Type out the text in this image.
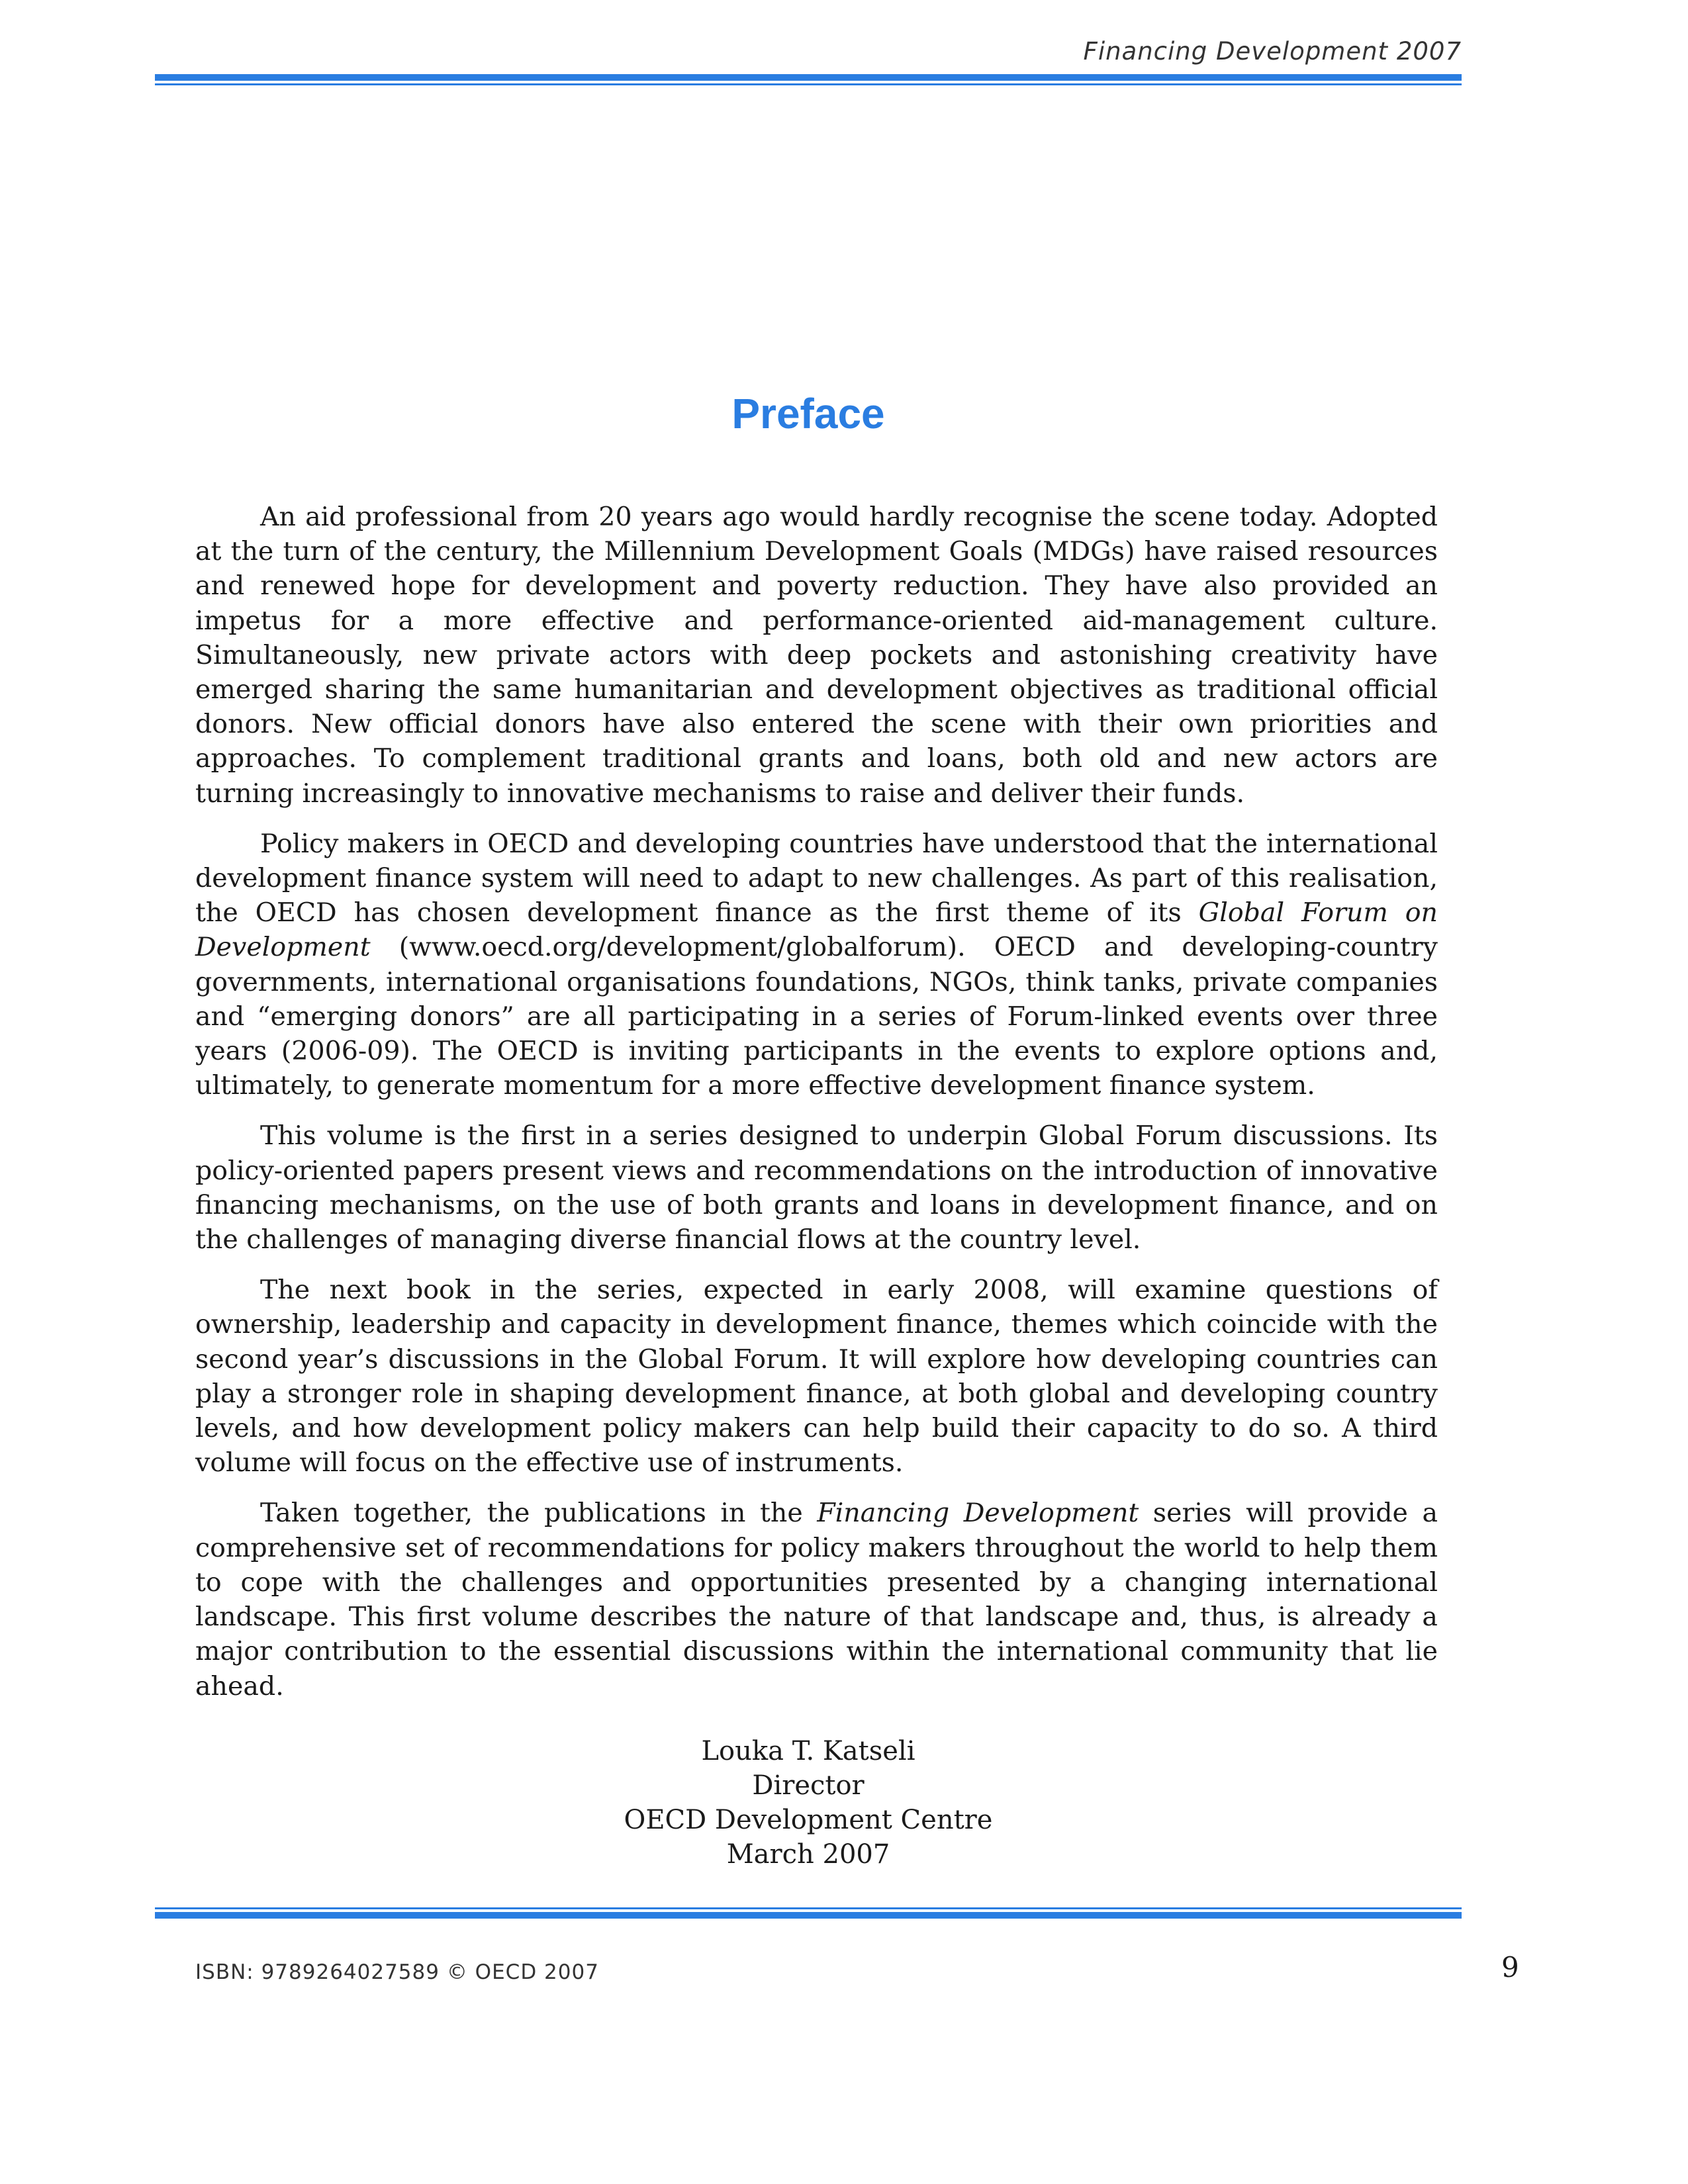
Financing Development 2007
Preface

An aid professional from 20 years ago would hardly recognise the scene today. Adopted at the turn of the century, the Millennium Development Goals (MDGs) have raised resources and renewed hope for development and poverty reduction. They have also provided an impetus for a more effective and performance-oriented aid-management culture. Simultaneously, new private actors with deep pockets and astonishing creativity have emerged sharing the same humanitarian and development objectives as traditional official donors. New official donors have also entered the scene with their own priorities and approaches. To complement traditional grants and loans, both old and new actors are turning increasingly to innovative mechanisms to raise and deliver their funds.

Policy makers in OECD and developing countries have understood that the international development finance system will need to adapt to new challenges. As part of this realisation, the OECD has chosen development finance as the first theme of its Global Forum on Development (www.oecd.org/development/globalforum). OECD and developing-country governments, international organisations foundations, NGOs, think tanks, private companies and “emerging donors” are all participating in a series of Forum-linked events over three years (2006-09). The OECD is inviting participants in the events to explore options and, ultimately, to generate momentum for a more effective development finance system.

This volume is the first in a series designed to underpin Global Forum discussions. Its policy-oriented papers present views and recommendations on the introduction of innovative financing mechanisms, on the use of both grants and loans in development finance, and on the challenges of managing diverse financial flows at the country level.

The next book in the series, expected in early 2008, will examine questions of ownership, leadership and capacity in development finance, themes which coincide with the second year’s discussions in the Global Forum. It will explore how developing countries can play a stronger role in shaping development finance, at both global and developing country levels, and how development policy makers can help build their capacity to do so. A third volume will focus on the effective use of instruments.

Taken together, the publications in the Financing Development series will provide a comprehensive set of recommendations for policy makers throughout the world to help them to cope with the challenges and opportunities presented by a changing international landscape. This first volume describes the nature of that landscape and, thus, is already a major contribution to the essential discussions within the international community that lie ahead.

Louka T. Katseli
Director
OECD Development Centre
March 2007
ISBN: 9789264027589 © OECD 2007	9
